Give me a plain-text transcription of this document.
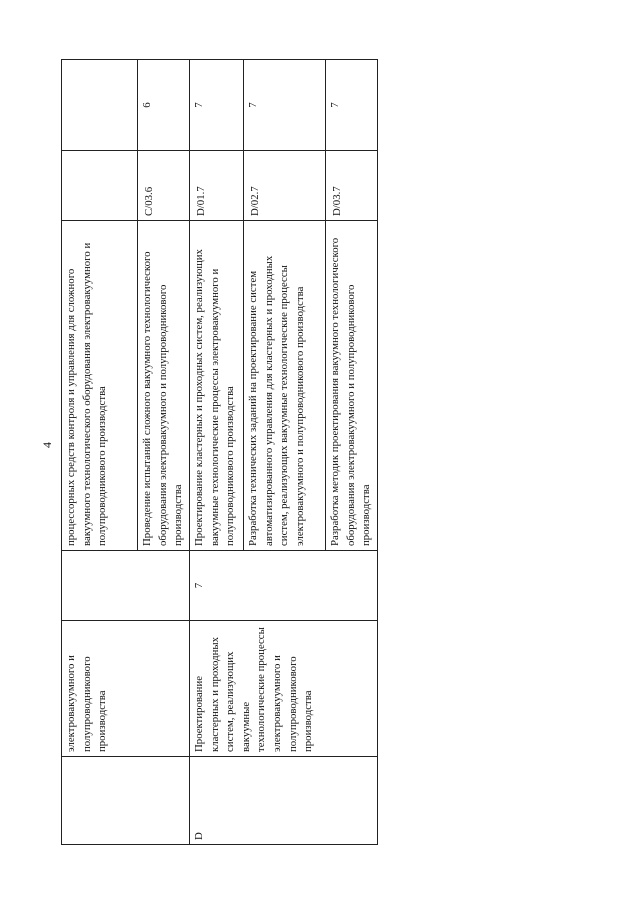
4
	электровакуумного и полупроводникового производства		процессорных средств контроля и управления для сложного вакуумного технологического оборудования электровакуумного и полупроводникового производства		
			Проведение испытаний сложного вакуумного технологического оборудования электровакуумного и полупроводникового производства	C/03.6	6
D	Проектирование кластерных и проходных систем, реализующих вакуумные технологические процессы электровакуумного и полупроводникового производства	7	Проектирование кластерных и проходных систем, реализующих вакуумные технологические процессы электровакуумного и полупроводникового производства	D/01.7	7
			Разработка технических заданий на проектирование систем автоматизированного управления для кластерных и проходных систем, реализующих вакуумные технологические процессы электровакуумного и полупроводникового производства	D/02.7	7
			Разработка методик проектирования вакуумного технологического оборудования электровакуумного и полупроводникового производства	D/03.7	7
